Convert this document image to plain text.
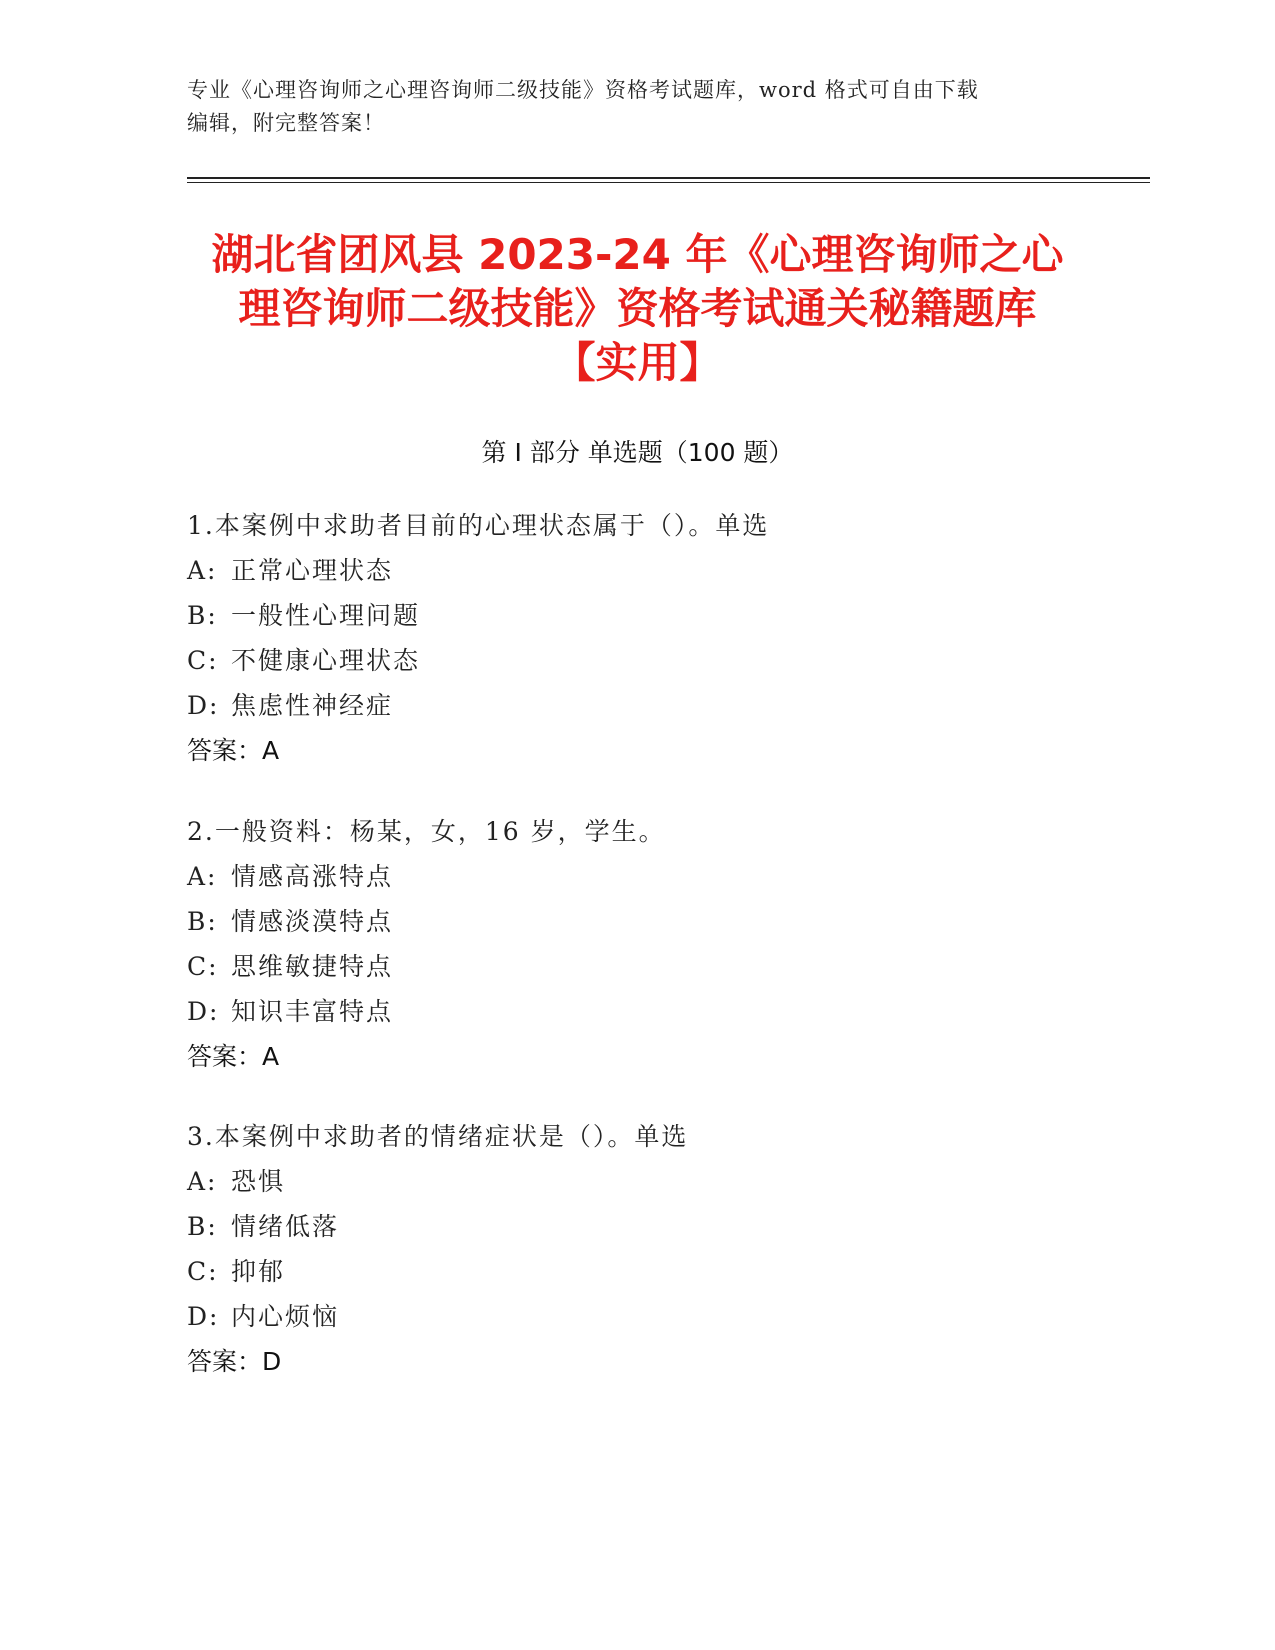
专业《心理咨询师之心理咨询师二级技能》资格考试题库，word 格式可自由下载
编辑，附完整答案！
湖北省团风县 2023-24 年《心理咨询师之心
理咨询师二级技能》资格考试通关秘籍题库
【实用】
第 I 部分 单选题（100 题）
1.本案例中求助者目前的心理状态属于（）。单选
A: 正常心理状态
B: 一般性心理问题
C: 不健康心理状态
D: 焦虑性神经症
答案：A
2.一般资料：杨某，女，16 岁，学生。
A: 情感高涨特点
B: 情感淡漠特点
C: 思维敏捷特点
D: 知识丰富特点
答案：A
3.本案例中求助者的情绪症状是（）。单选
A: 恐惧
B: 情绪低落
C: 抑郁
D: 内心烦恼
答案：D
